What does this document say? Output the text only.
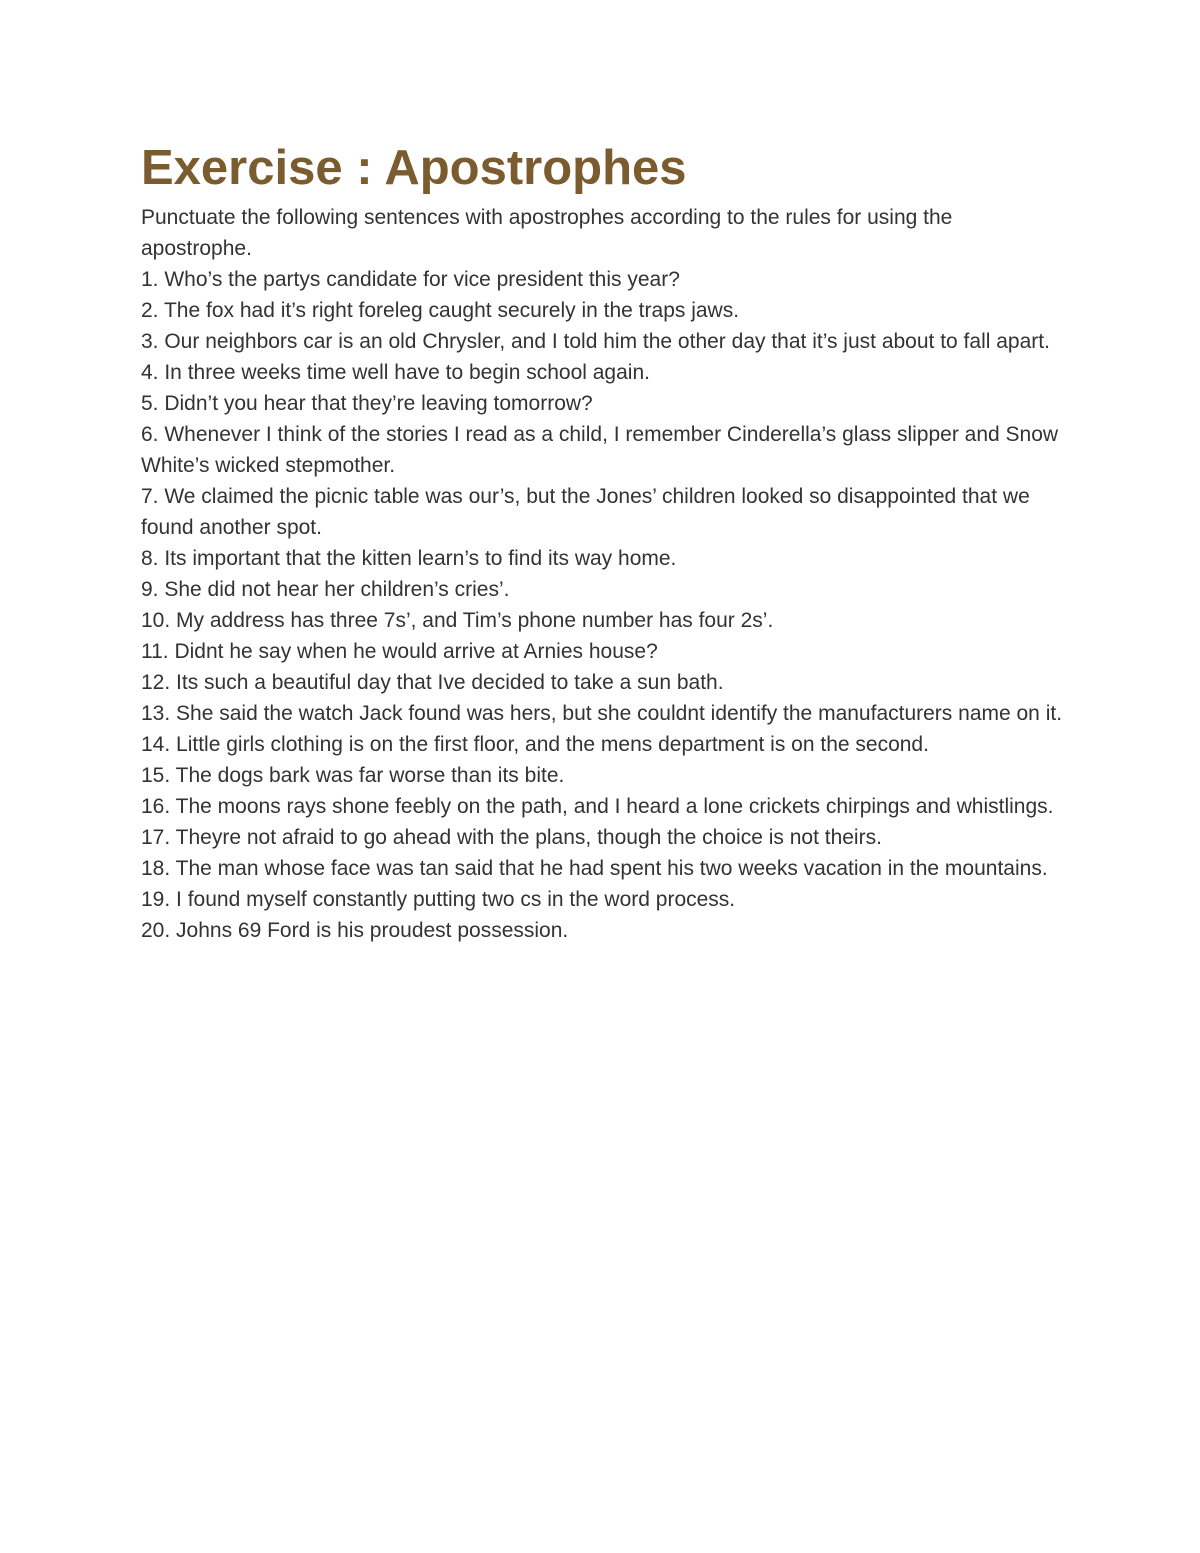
Exercise : Apostrophes

Punctuate the following sentences with apostrophes according to the rules for using the apostrophe.

1. Who’s the partys candidate for vice president this year?
2. The fox had it’s right foreleg caught securely in the traps jaws.
3. Our neighbors car is an old Chrysler, and I told him the other day that it’s just about to fall apart.
4. In three weeks time well have to begin school again.
5. Didn’t you hear that they’re leaving tomorrow?
6. Whenever I think of the stories I read as a child, I remember Cinderella’s glass slipper and Snow White’s wicked stepmother.
7. We claimed the picnic table was our’s, but the Jones’ children looked so disappointed that we found another spot.
8. Its important that the kitten learn’s to find its way home.
9. She did not hear her children’s cries’.
10. My address has three 7s’, and Tim’s phone number has four 2s’.
11. Didnt he say when he would arrive at Arnies house?
12. Its such a beautiful day that Ive decided to take a sun bath.
13. She said the watch Jack found was hers, but she couldnt identify the manufacturers name on it.
14. Little girls clothing is on the first floor, and the mens department is on the second.
15. The dogs bark was far worse than its bite.
16. The moons rays shone feebly on the path, and I heard a lone crickets chirpings and whistlings.
17. Theyre not afraid to go ahead with the plans, though the choice is not theirs.
18. The man whose face was tan said that he had spent his two weeks vacation in the mountains.
19. I found myself constantly putting two cs in the word process.
20. Johns 69 Ford is his proudest possession.
